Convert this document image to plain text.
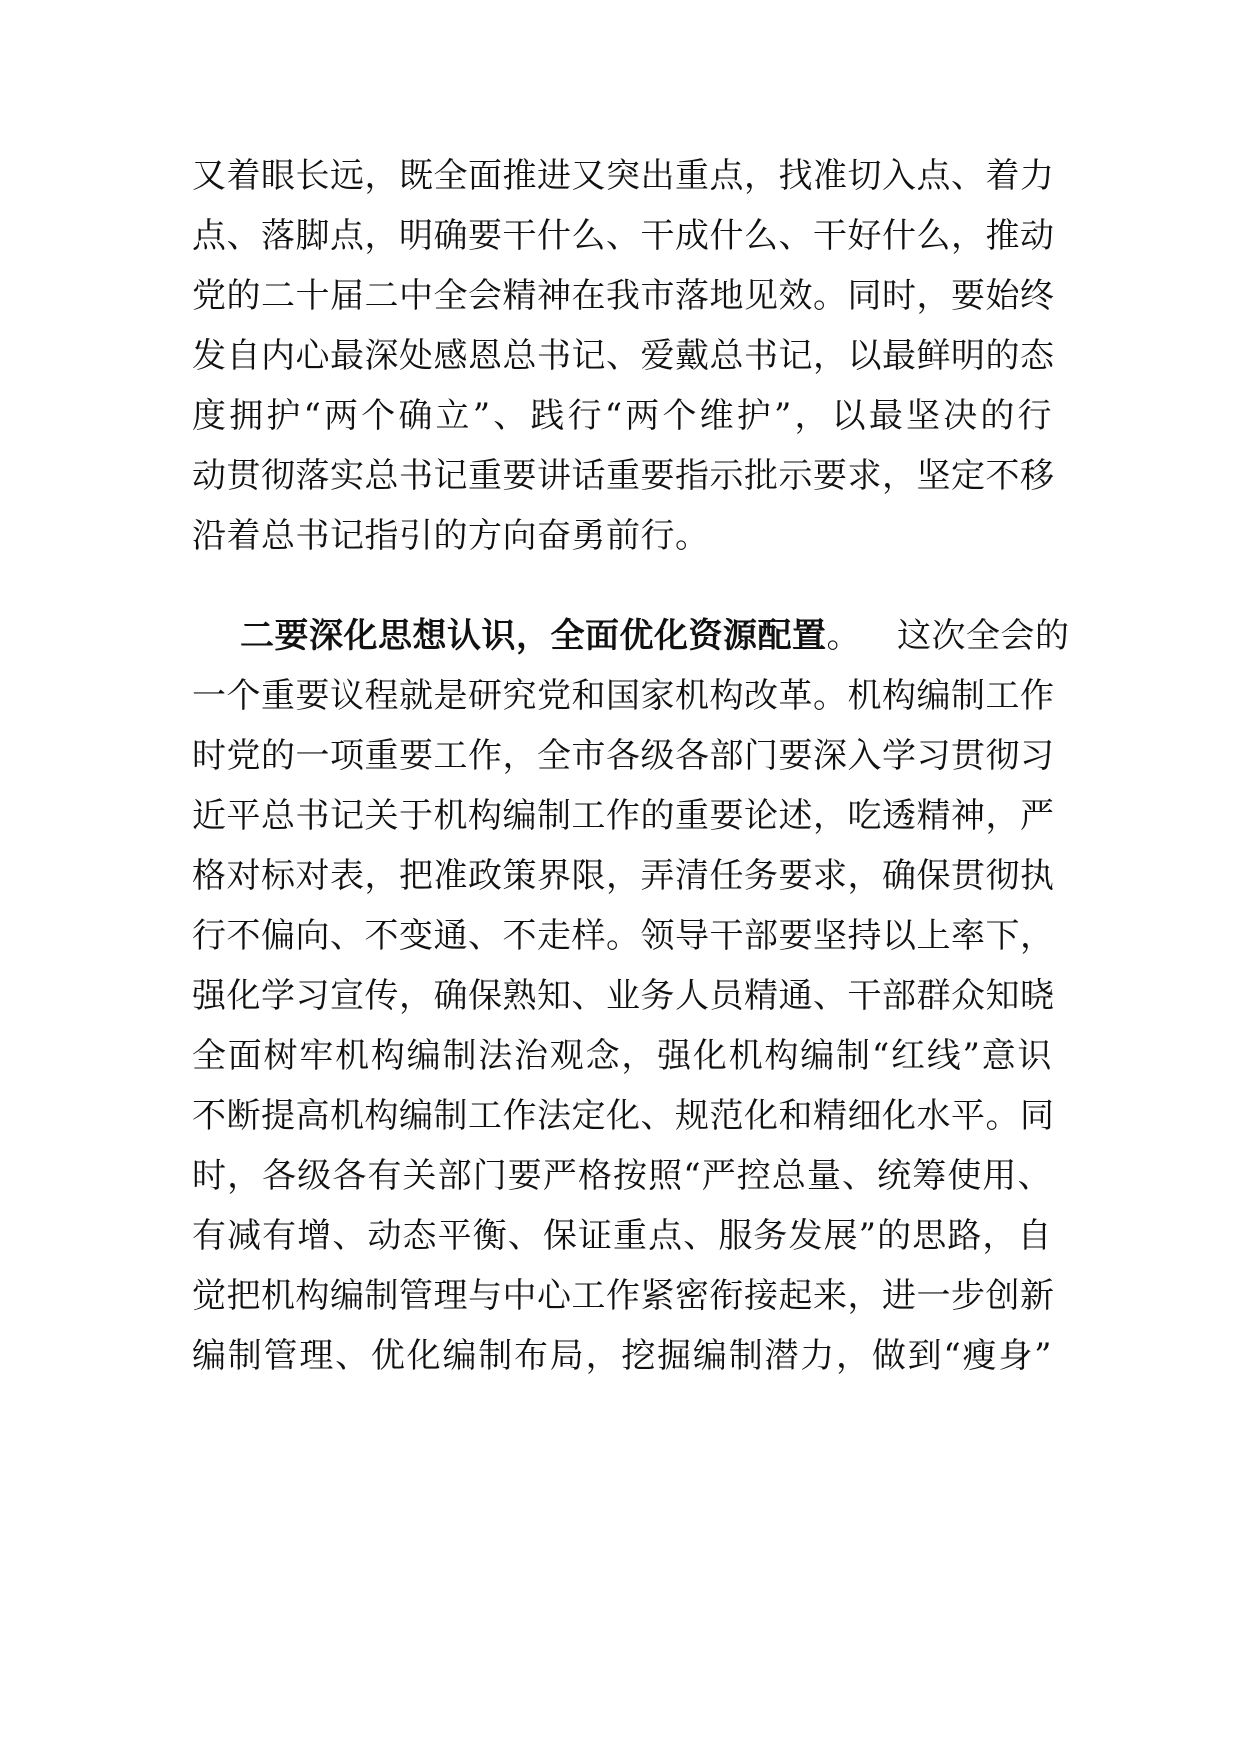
又着眼长远，既全面推进又突出重点，找准切入点、着力
点、落脚点，明确要干什么、干成什么、干好什么，推动
党的二十届二中全会精神在我市落地见效。同时，要始终
发自内心最深处感恩总书记、爱戴总书记，以最鲜明的态
度拥护“两个确立”、践行“两个维护”，以最坚决的行
动贯彻落实总书记重要讲话重要指示批示要求，坚定不移
沿着总书记指引的方向奋勇前行。
二要深化思想认识，全面优化资源配置。 这次全会的
一个重要议程就是研究党和国家机构改革。机构编制工作
时党的一项重要工作，全市各级各部门要深入学习贯彻习
近平总书记关于机构编制工作的重要论述，吃透精神，严
格对标对表，把准政策界限，弄清任务要求，确保贯彻执
行不偏向、不变通、不走样。领导干部要坚持以上率下，
强化学习宣传，确保熟知、业务人员精通、干部群众知晓
全面树牢机构编制法治观念，强化机构编制“红线”意识
不断提高机构编制工作法定化、规范化和精细化水平。同
时，各级各有关部门要严格按照“严控总量、统筹使用、
有减有增、动态平衡、保证重点、服务发展”的思路，自
觉把机构编制管理与中心工作紧密衔接起来，进一步创新
编制管理、优化编制布局，挖掘编制潜力，做到“瘦身”
